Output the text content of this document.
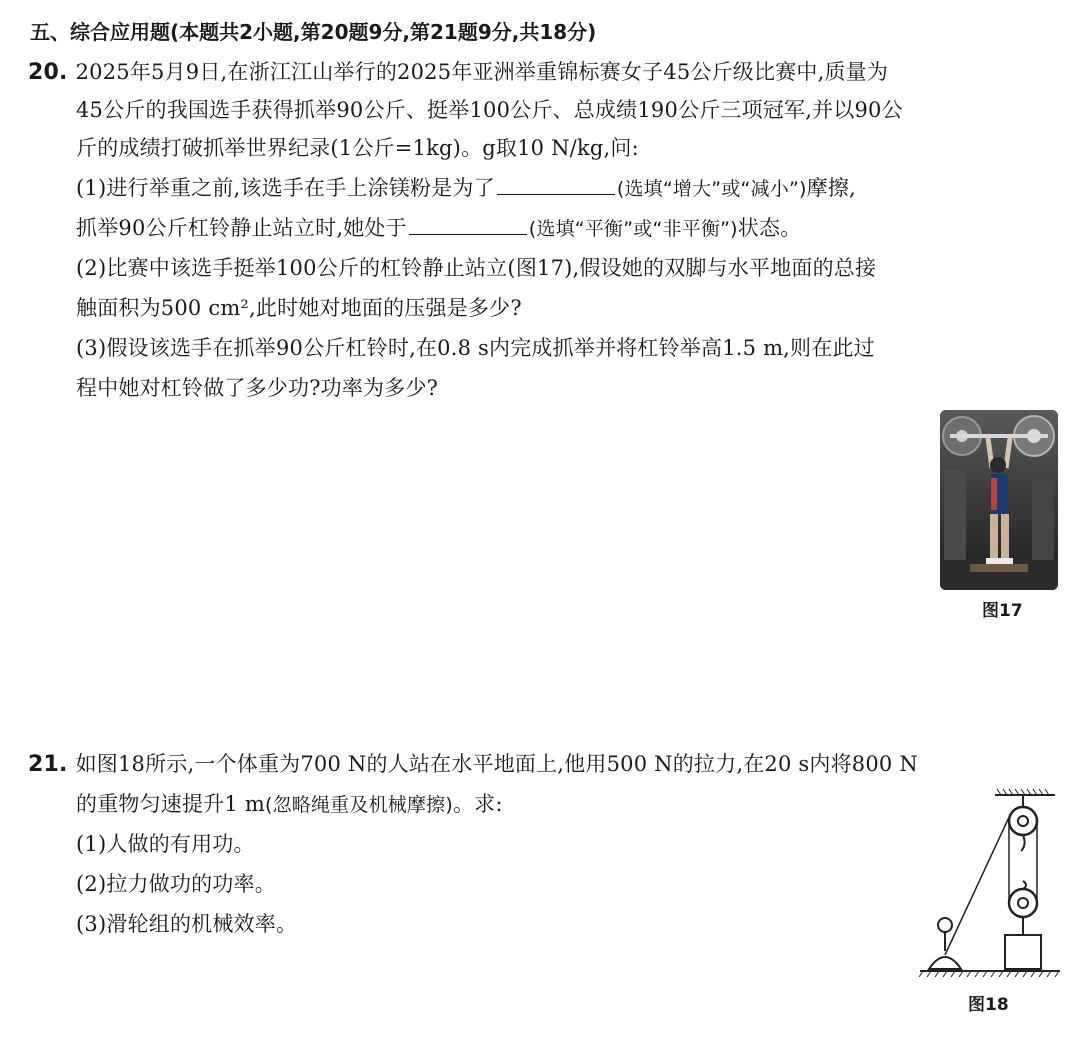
五、综合应用题(本题共2小题,第20题9分,第21题9分,共18分)
20. 2025年5月9日,在浙江江山举行的2025年亚洲举重锦标赛女子45公斤级比赛中,质量为
45公斤的我国选手获得抓举90公斤、挺举100公斤、总成绩190公斤三项冠军,并以90公
斤的成绩打破抓举世界纪录(1公斤=1kg)。g取10 N/kg,问:
(1)进行举重之前,该选手在手上涂镁粉是为了	(选填“增大”或“减小”)摩擦,
抓举90公斤杠铃静止站立时,她处于	(选填“平衡”或“非平衡”)状态。
(2)比赛中该选手挺举100公斤的杠铃静止站立(图17),假设她的双脚与水平地面的总接
触面积为500 cm²,此时她对地面的压强是多少?
(3)假设该选手在抓举90公斤杠铃时,在0.8 s内完成抓举并将杠铃举高1.5 m,则在此过
程中她对杠铃做了多少功?功率为多少?
图17
21. 如图18所示,一个体重为700 N的人站在水平地面上,他用500 N的拉力,在20 s内将800 N
的重物匀速提升1 m(忽略绳重及机械摩擦)。求:
(1)人做的有用功。
(2)拉力做功的功率。
(3)滑轮组的机械效率。
图18
